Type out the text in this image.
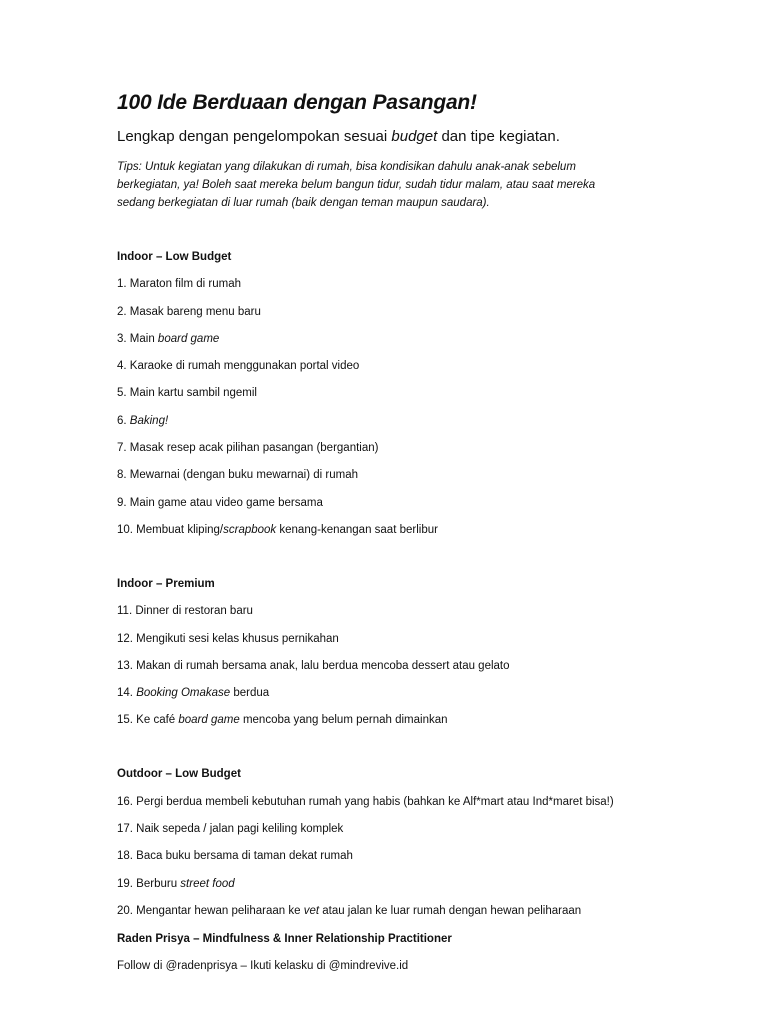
100 Ide Berduaan dengan Pasangan!

Lengkap dengan pengelompokan sesuai budget dan tipe kegiatan.

Tips: Untuk kegiatan yang dilakukan di rumah, bisa kondisikan dahulu anak-anak sebelum berkegiatan, ya! Boleh saat mereka belum bangun tidur, sudah tidur malam, atau saat mereka sedang berkegiatan di luar rumah (baik dengan teman maupun saudara).

Indoor – Low Budget

1. Maraton film di rumah
2. Masak bareng menu baru
3. Main board game
4. Karaoke di rumah menggunakan portal video
5. Main kartu sambil ngemil
6. Baking!
7. Masak resep acak pilihan pasangan (bergantian)
8. Mewarnai (dengan buku mewarnai) di rumah
9. Main game atau video game bersama
10. Membuat kliping/scrapbook kenang-kenangan saat berlibur

Indoor – Premium

11. Dinner di restoran baru
12. Mengikuti sesi kelas khusus pernikahan
13. Makan di rumah bersama anak, lalu berdua mencoba dessert atau gelato
14. Booking Omakase berdua
15. Ke café board game mencoba yang belum pernah dimainkan

Outdoor – Low Budget

16. Pergi berdua membeli kebutuhan rumah yang habis (bahkan ke Alf*mart atau Ind*maret bisa!)
17. Naik sepeda / jalan pagi keliling komplek
18. Baca buku bersama di taman dekat rumah
19. Berburu street food
20. Mengantar hewan peliharaan ke vet atau jalan ke luar rumah dengan hewan peliharaan

Raden Prisya – Mindfulness & Inner Relationship Practitioner

Follow di @radenprisya – Ikuti kelasku di @mindrevive.id
